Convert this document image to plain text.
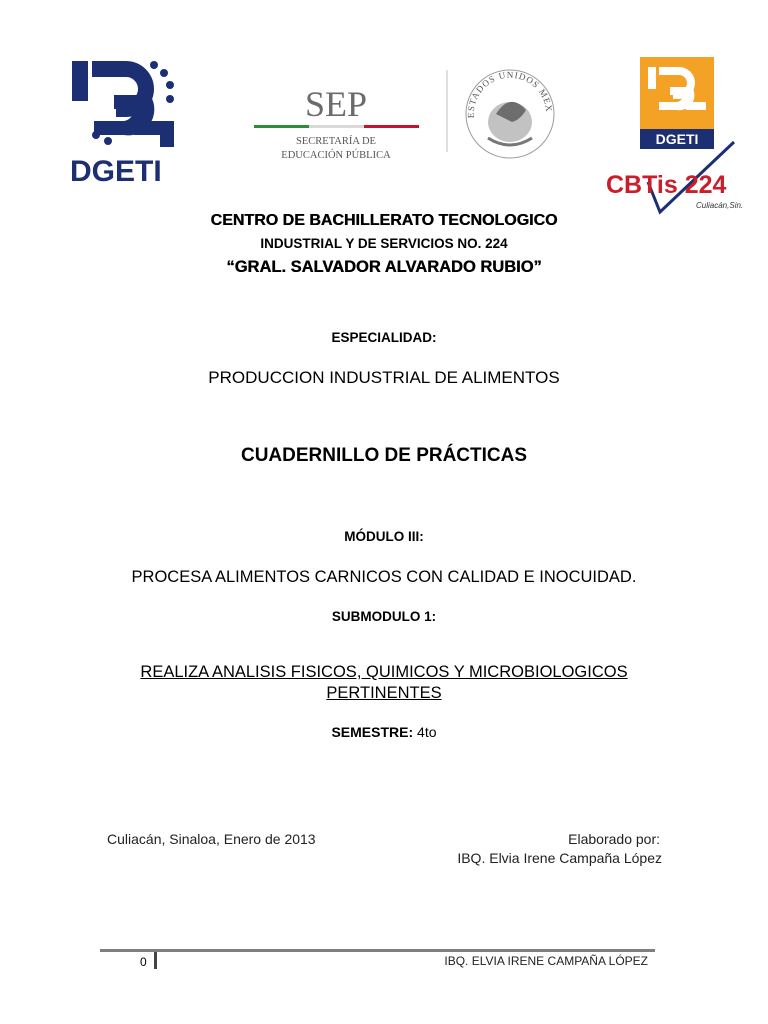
DGETI
SEP
SECRETARÍA DE
EDUCACIÓN PÚBLICA
ESTADOS UNIDOS MEX
DGETI
CBTis 224
Culiacán,Sin.
CENTRO DE BACHILLERATO TECNOLOGICO
INDUSTRIAL Y DE SERVICIOS NO. 224
“GRAL. SALVADOR ALVARADO RUBIO”
ESPECIALIDAD:
PRODUCCION INDUSTRIAL DE ALIMENTOS
CUADERNILLO DE PRÁCTICAS
MÓDULO III:
PROCESA ALIMENTOS CARNICOS CON CALIDAD E INOCUIDAD.
SUBMODULO 1:
REALIZA ANALISIS FISICOS, QUIMICOS Y MICROBIOLOGICOS
PERTINENTES
SEMESTRE: 4to
Culiacán, Sinaloa, Enero de 2013	Elaborado por:
IBQ. Elvia Irene Campaña López
0	IBQ. ELVIA IRENE CAMPAÑA LÓPEZ
